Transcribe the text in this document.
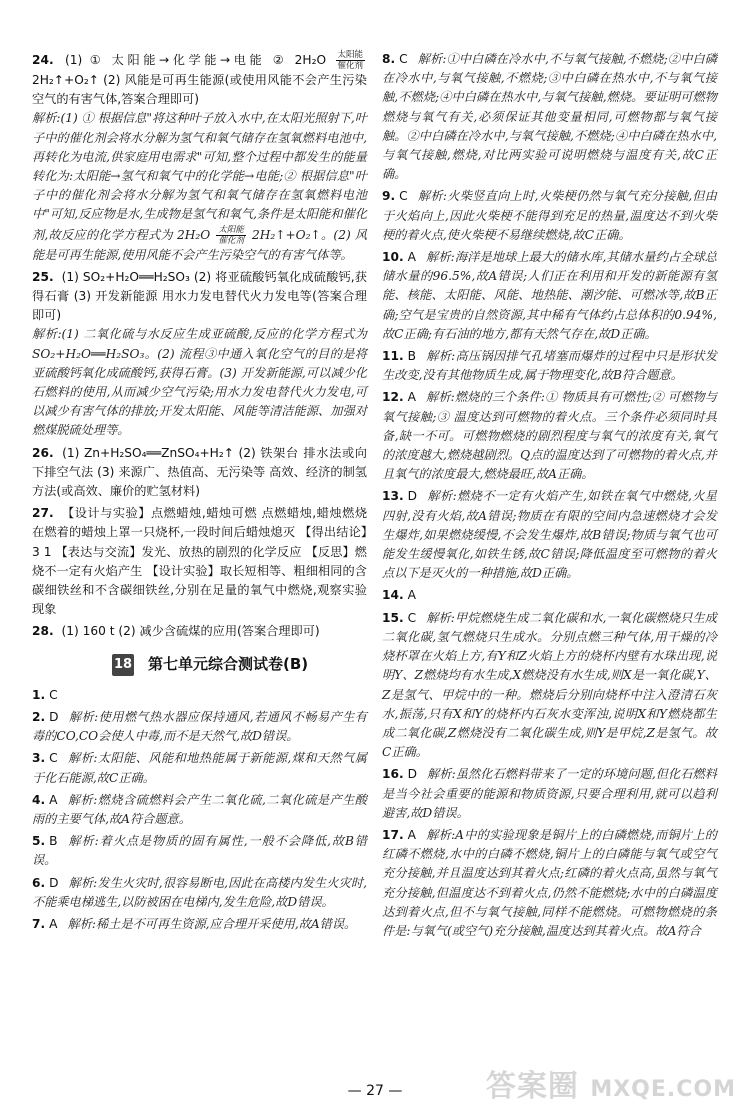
24. (1) ① 太阳能→化学能→电能 ② $2H_2O \frac{\text{太阳能}}{\text{催化剂}}$
2H₂↑+O₂↑ (2) 风能是可再生能源(或使用风能不会产生污染空气的有害气体,答案合理即可)
解析:(1) ① 根据信息"将这种叶子放入水中,在太阳光照射下,叶子中的催化剂会将水分解为氢气和氧气储存在氢氧燃料电池中,再转化为电流,供家庭用电需求"可知,整个过程中都发生的能量转化为:太阳能→氢气和氧气中的化学能→电能;② 根据信息"叶子中的催化剂会将水分解为氢气和氧气储存在氢氧燃料电池中"可知,反应物是水,生成物是氢气和氧气,条件是太阳能和催化剂,故反应的化学方程式为 $2H_2O \frac{\text{太阳能}}{\text{催化剂}}$ 2H₂↑+O₂↑。(2) 风能是可再生能源,使用风能不会产生污染空气的有害气体等。
25. (1) SO₂+H₂O══H₂SO₃ (2) 将亚硫酸钙氧化成硫酸钙,获得石膏 (3) 开发新能源 用水力发电替代火力发电等(答案合理即可)
解析:(1) 二氧化硫与水反应生成亚硫酸,反应的化学方程式为 SO₂+H₂O══H₂SO₃。(2) 流程③中通入氧化空气的目的是将亚硫酸钙氧化成硫酸钙,获得石膏。(3) 开发新能源,可以减少化石燃料的使用,从而减少空气污染;用水力发电替代火力发电,可以减少有害气体的排放;开发太阳能、风能等清洁能源、加强对燃煤脱硫处理等。
26. (1) Zn+H₂SO₄══ZnSO₄+H₂↑ (2) 铁架台 排水法或向下排空气法 (3) 来源广、热值高、无污染等 高效、经济的制氢方法(或高效、廉价的贮氢材料)
27. 【设计与实验】点燃蜡烛,蜡烛可燃 点燃蜡烛,蜡烛燃烧 在燃着的蜡烛上罩一只烧杯,一段时间后蜡烛熄灭 【得出结论】3 1 【表达与交流】发光、放热的剧烈的化学反应 【反思】燃烧不一定有火焰产生 【设计实验】取长短相等、粗细相同的含碳细铁丝和不含碳细铁丝,分别在足量的氧气中燃烧,观察实验现象
28. (1) 160 t (2) 减少含硫煤的应用(答案合理即可)
18 第七单元综合测试卷(B)
1. C
2. D 解析:使用燃气热水器应保持通风,若通风不畅易产生有毒的CO,CO会使人中毒,而不是天然气,故D错误。
3. C 解析:太阳能、风能和地热能属于新能源,煤和天然气属于化石能源,故C正确。
4. A 解析:燃烧含硫燃料会产生二氧化硫,二氧化硫是产生酸雨的主要气体,故A符合题意。
5. B 解析:着火点是物质的固有属性,一般不会降低,故B错误。
6. D 解析:发生火灾时,很容易断电,因此在高楼内发生火灾时,不能乘电梯逃生,以防被困在电梯内,发生危险,故D错误。
7. A 解析:稀土是不可再生资源,应合理开采使用,故A错误。
8. C 解析:①中白磷在冷水中,不与氧气接触,不燃烧;②中白磷在冷水中,与氧气接触,不燃烧;③中白磷在热水中,不与氧气接触,不燃烧;④中白磷在热水中,与氧气接触,燃烧。要证明可燃物燃烧与氧气有关,必须保证其他变量相同,可燃物都与氧气接触。②中白磷在冷水中,与氧气接触,不燃烧;④中白磷在热水中,与氧气接触,燃烧,对比两实验可说明燃烧与温度有关,故C正确。
9. C 解析:火柴竖直向上时,火柴梗仍然与氧气充分接触,但由于火焰向上,因此火柴梗不能得到充足的热量,温度达不到火柴梗的着火点,使火柴梗不易继续燃烧,故C正确。
10. A 解析:海洋是地球上最大的储水库,其储水量约占全球总储水量的96.5%,故A错误;人们正在利用和开发的新能源有氢能、核能、太阳能、风能、地热能、潮汐能、可燃冰等,故B正确;空气是宝贵的自然资源,其中稀有气体约占总体积的0.94%,故C正确;有石油的地方,都有天然气存在,故D正确。
11. B 解析:高压锅因排气孔堵塞而爆炸的过程中只是形状发生改变,没有其他物质生成,属于物理变化,故B符合题意。
12. A 解析:燃烧的三个条件:① 物质具有可燃性;② 可燃物与氧气接触;③ 温度达到可燃物的着火点。三个条件必须同时具备,缺一不可。可燃物燃烧的剧烈程度与氧气的浓度有关,氧气的浓度越大,燃烧越剧烈。Q点的温度达到了可燃物的着火点,并且氧气的浓度最大,燃烧最旺,故A正确。
13. D 解析:燃烧不一定有火焰产生,如铁在氧气中燃烧,火星四射,没有火焰,故A错误;物质在有限的空间内急速燃烧才会发生爆炸,如果燃烧缓慢,不会发生爆炸,故B错误;物质与氧气也可能发生缓慢氧化,如铁生锈,故C错误;降低温度至可燃物的着火点以下是灭火的一种措施,故D正确。
14. A
15. C 解析:甲烷燃烧生成二氧化碳和水,一氧化碳燃烧只生成二氧化碳,氢气燃烧只生成水。分别点燃三种气体,用干燥的冷烧杯罩在火焰上方,有Y和Z火焰上方的烧杯内壁有水珠出现,说明Y、Z燃烧均有水生成,X燃烧没有水生成,则X是一氧化碳,Y、Z是氢气、甲烷中的一种。燃烧后分别向烧杯中注入澄清石灰水,振荡,只有X和Y的烧杯内石灰水变浑浊,说明X和Y燃烧都生成二氧化碳,Z燃烧没有二氧化碳生成,则Y是甲烷,Z是氢气。故C正确。
16. D 解析:虽然化石燃料带来了一定的环境问题,但化石燃料是当今社会重要的能源和物质资源,只要合理利用,就可以趋利避害,故D错误。
17. A 解析:A中的实验现象是铜片上的白磷燃烧,而铜片上的红磷不燃烧,水中的白磷不燃烧,铜片上的白磷能与氧气或空气充分接触,并且温度达到其着火点;红磷的着火点高,虽然与氧气充分接触,但温度达不到着火点,仍然不能燃烧;水中的白磷温度达到着火点,但不与氧气接触,同样不能燃烧。可燃物燃烧的条件是:与氧气(或空气)充分接触,温度达到其着火点。故A符合
— 27 —	答案圈 MXQE.COM
